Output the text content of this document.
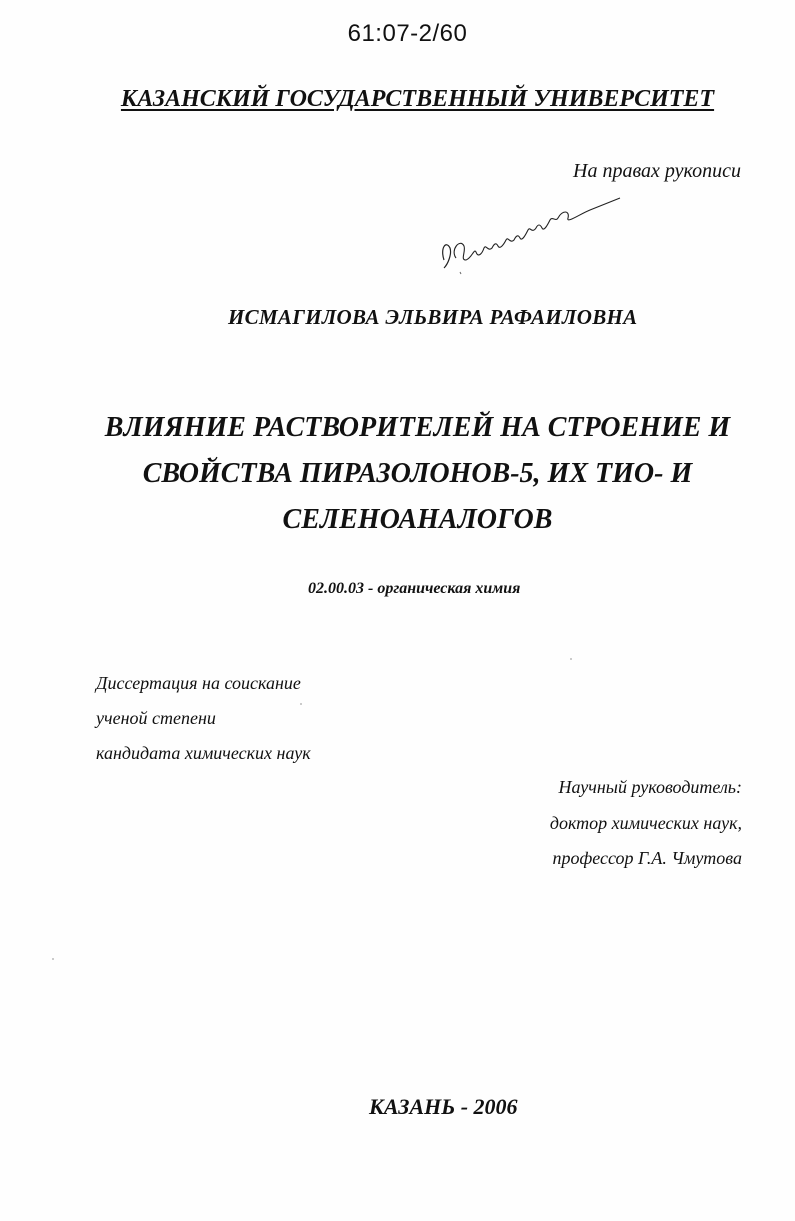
61:07-2/60

КАЗАНСКИЙ ГОСУДАРСТВЕННЫЙ УНИВЕРСИТЕТ

На правах рукописи

ИСМАГИЛОВА ЭЛЬВИРА РАФАИЛОВНА

ВЛИЯНИЕ РАСТВОРИТЕЛЕЙ НА СТРОЕНИЕ И

СВОЙСТВА ПИРАЗОЛОНОВ-5, ИХ ТИО- И

СЕЛЕНОАНАЛОГОВ

02.00.03 - органическая химия

Диссертация на соискание

ученой степени

кандидата химических наук

Научный руководитель:

доктор химических наук,

профессор Г.А. Чмутова

КАЗАНЬ - 2006
